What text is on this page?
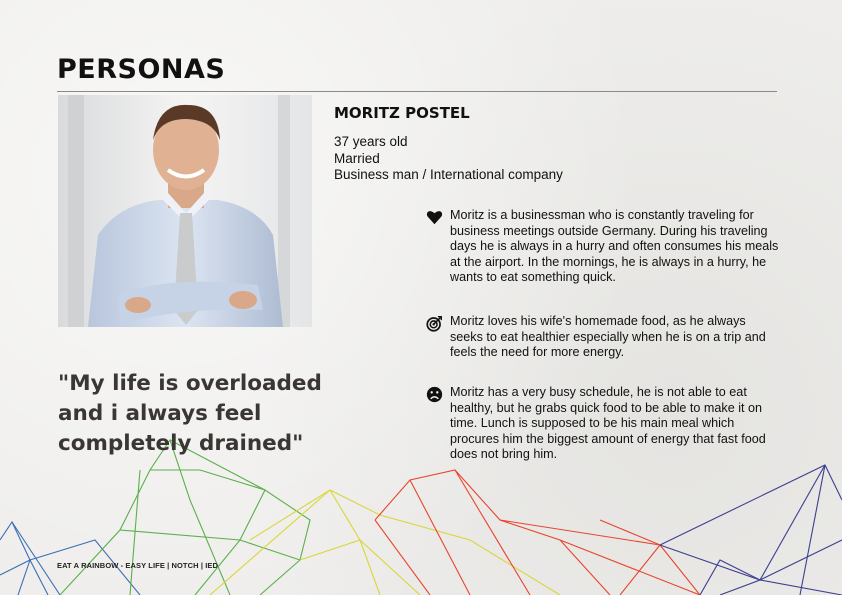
PERSONAS
MORITZ POSTEL
37 years old
Married
Business man / International company
Moritz is a businessman who is constantly traveling for business meetings outside Germany. During his traveling days he is always in a hurry and often consumes his meals at the airport. In the mornings, he is always in a hurry, he wants to eat something quick.
Moritz loves his wife's homemade food, as he always seeks to eat healthier especially when he is on a trip and feels the need for more energy.
Moritz has a very busy schedule, he is not able to eat healthy, but he grabs quick food to be able to make it on time. Lunch is supposed to be his main meal which procures him the biggest amount of energy that fast food does not bring him.
"My life is overloaded and i always feel completely drained"
EAT A RAINBOW - EASY LIFE | NOTCH | IED
